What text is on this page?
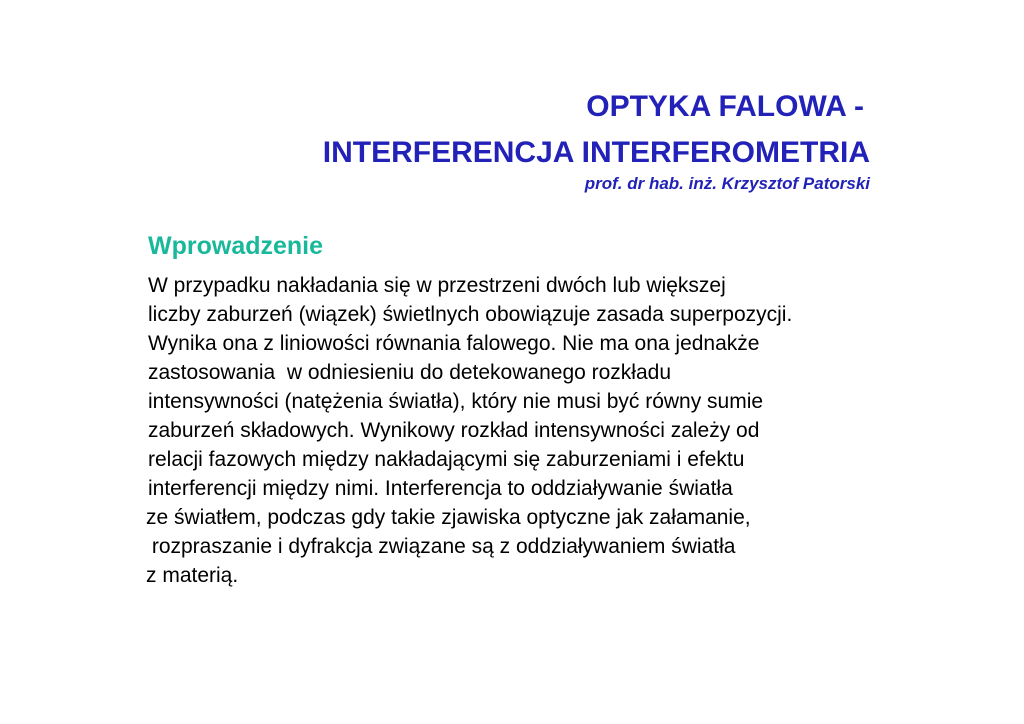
OPTYKA FALOWA -
INTERFERENCJA INTERFEROMETRIA

prof. dr hab. inż. Krzysztof Patorski

Wprowadzenie
W przypadku nakładania się w przestrzeni dwóch lub większej
liczby zaburzeń (wiązek) świetlnych obowiązuje zasada superpozycji.
Wynika ona z liniowości równania falowego. Nie ma ona jednakże
zastosowania  w odniesieniu do detekowanego rozkładu
intensywności (natężenia światła), który nie musi być równy sumie
zaburzeń składowych. Wynikowy rozkład intensywności zależy od
relacji fazowych między nakładającymi się zaburzeniami i efektu
interferencji między nimi. Interferencja to oddziaływanie światła
ze światłem, podczas gdy takie zjawiska optyczne jak załamanie,
rozpraszanie i dyfrakcja związane są z oddziaływaniem światła
z materią.
